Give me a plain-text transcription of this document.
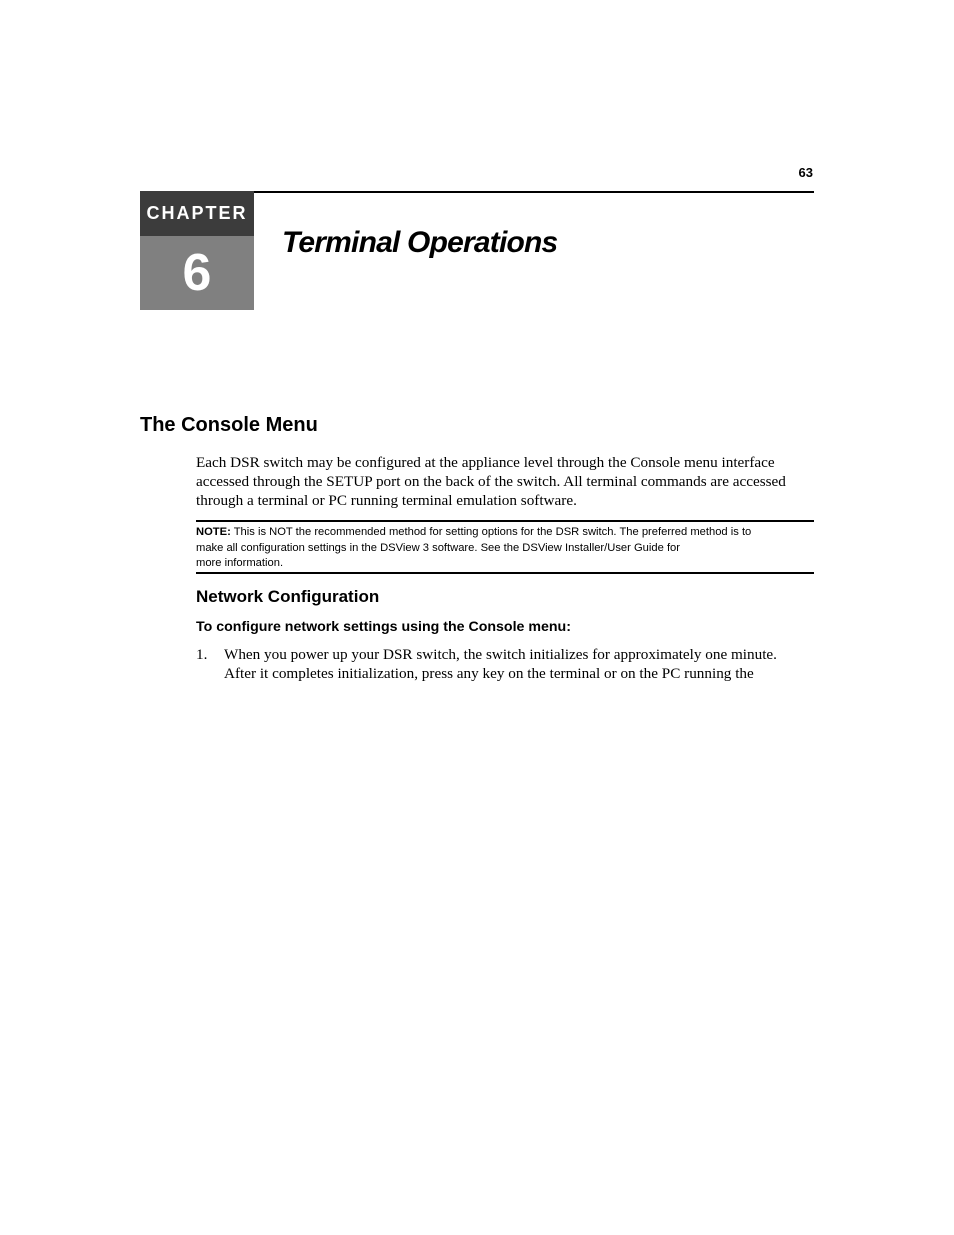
63
CHAPTER
6
Terminal Operations
The Console Menu

Each DSR switch may be configured at the appliance level through the Console menu interface accessed through the SETUP port on the back of the switch. All terminal commands are accessed through a terminal or PC running terminal emulation software.

NOTE: This is NOT the recommended method for setting options for the DSR switch. The preferred method is to
make all configuration settings in the DSView 3 software. See the DSView Installer/User Guide for
more information.
Network Configuration

To configure network settings using the Console menu:

1.	When you power up your DSR switch, the switch initializes for approximately one minute.
After it completes initialization, press any key on the terminal or on the PC running the
